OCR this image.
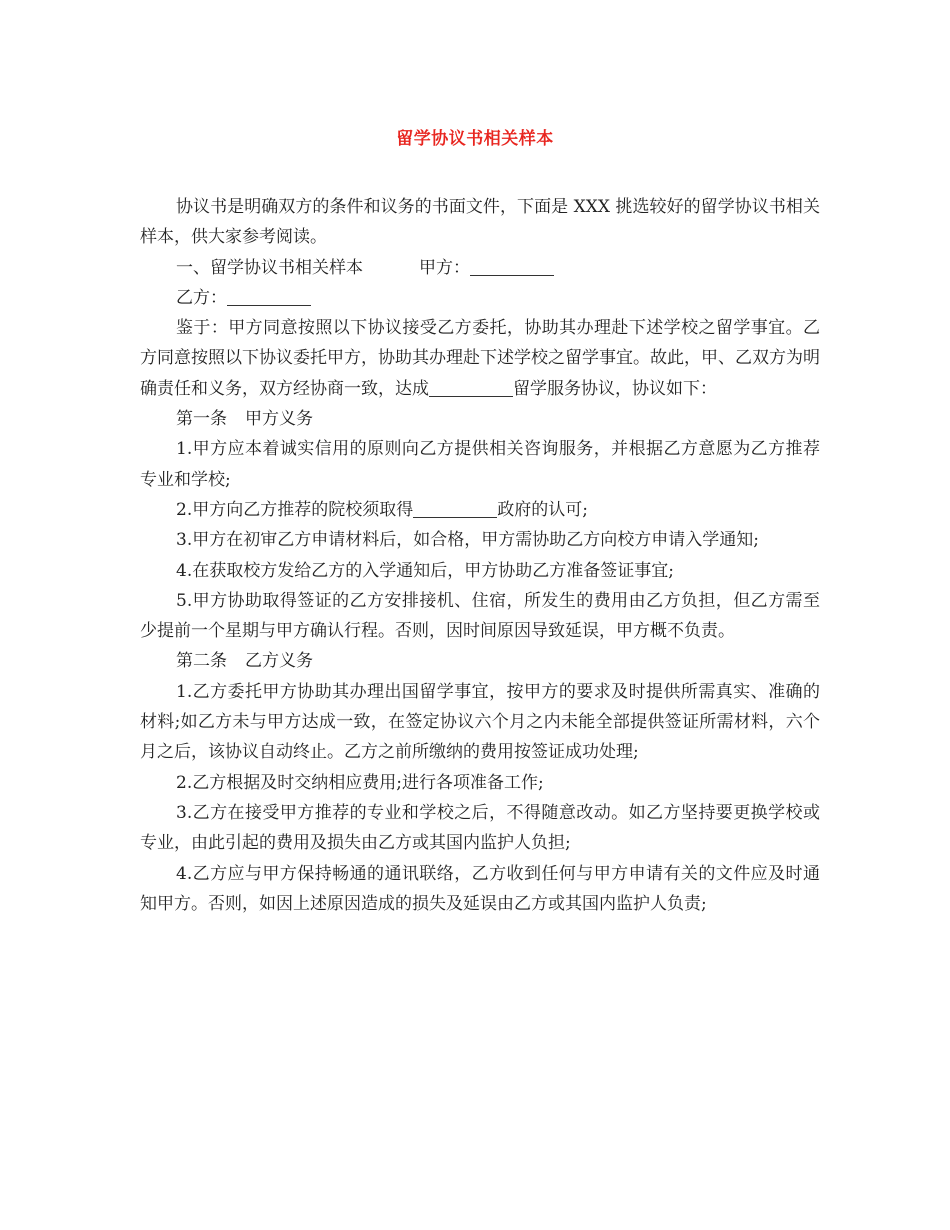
留学协议书相关样本

协议书是明确双方的条件和议务的书面文件，下面是 XXX 挑选较好的留学协议书相关样本，供大家参考阅读。

一、留学协议书相关样本	甲方：

乙方：

鉴于：甲方同意按照以下协议接受乙方委托，协助其办理赴下述学校之留学事宜。乙方同意按照以下协议委托甲方，协助其办理赴下述学校之留学事宜。故此，甲、乙双方为明确责任和义务，双方经协商一致，达成	留学服务协议，协议如下：

第一条 甲方义务

1.甲方应本着诚实信用的原则向乙方提供相关咨询服务，并根据乙方意愿为乙方推荐专业和学校;

2.甲方向乙方推荐的院校须取得	政府的认可;

3.甲方在初审乙方申请材料后，如合格，甲方需协助乙方向校方申请入学通知;

4.在获取校方发给乙方的入学通知后，甲方协助乙方准备签证事宜;

5.甲方协助取得签证的乙方安排接机、住宿，所发生的费用由乙方负担，但乙方需至少提前一个星期与甲方确认行程。否则，因时间原因导致延误，甲方概不负责。

第二条 乙方义务

1.乙方委托甲方协助其办理出国留学事宜，按甲方的要求及时提供所需真实、准确的材料;如乙方未与甲方达成一致，在签定协议六个月之内未能全部提供签证所需材料，六个月之后，该协议自动终止。乙方之前所缴纳的费用按签证成功处理;

2.乙方根据及时交纳相应费用;进行各项准备工作;

3.乙方在接受甲方推荐的专业和学校之后，不得随意改动。如乙方坚持要更换学校或专业，由此引起的费用及损失由乙方或其国内监护人负担;

4.乙方应与甲方保持畅通的通讯联络，乙方收到任何与甲方申请有关的文件应及时通知甲方。否则，如因上述原因造成的损失及延误由乙方或其国内监护人负责;
